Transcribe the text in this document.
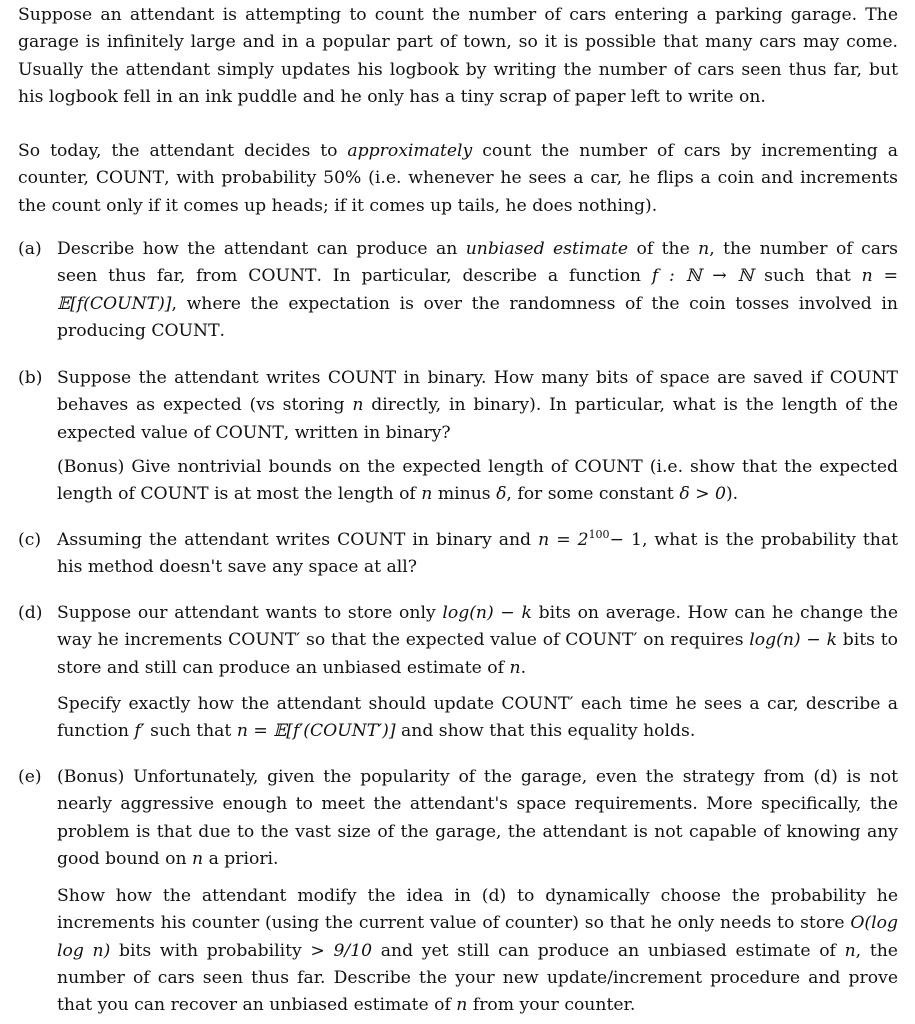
Suppose an attendant is attempting to count the number of cars entering a parking garage. The garage is infinitely large and in a popular part of town, so it is possible that many cars may come. Usually the attendant simply updates his logbook by writing the number of cars seen thus far, but his logbook fell in an ink puddle and he only has a tiny scrap of paper left to write on.
So today, the attendant decides to approximately count the number of cars by incrementing a counter, COUNT, with probability 50% (i.e. whenever he sees a car, he flips a coin and increments the count only if it comes up heads; if it comes up tails, he does nothing).
(a) Describe how the attendant can produce an unbiased estimate of the n, the number of cars seen thus far, from COUNT. In particular, describe a function f : ℕ → ℕ such that n = 𝔼[f(COUNT)], where the expectation is over the randomness of the coin tosses involved in producing COUNT.
(b) Suppose the attendant writes COUNT in binary. How many bits of space are saved if COUNT behaves as expected (vs storing n directly, in binary). In particular, what is the length of the expected value of COUNT, written in binary?
(Bonus) Give nontrivial bounds on the expected length of COUNT (i.e. show that the expected length of COUNT is at most the length of n minus δ, for some constant δ > 0).
(c) Assuming the attendant writes COUNT in binary and $n = 2^{100}- 1$, what is the probability that his method doesn't save any space at all?
(d) Suppose our attendant wants to store only log(n) − k bits on average. How can he change the way he increments COUNT′ so that the expected value of COUNT′ on requires log(n) − k bits to store and still can produce an unbiased estimate of n.
Specify exactly how the attendant should update COUNT′ each time he sees a car, describe a function f′ such that n = 𝔼[f′(COUNT′)] and show that this equality holds.
(e) (Bonus) Unfortunately, given the popularity of the garage, even the strategy from (d) is not nearly aggressive enough to meet the attendant's space requirements. More specifically, the problem is that due to the vast size of the garage, the attendant is not capable of knowing any good bound on n a priori.
Show how the attendant modify the idea in (d) to dynamically choose the probability he increments his counter (using the current value of counter) so that he only needs to store O(log log n) bits with probability > 9/10 and yet still can produce an unbiased estimate of n, the number of cars seen thus far. Describe the your new update/increment procedure and prove that you can recover an unbiased estimate of n from your counter.
